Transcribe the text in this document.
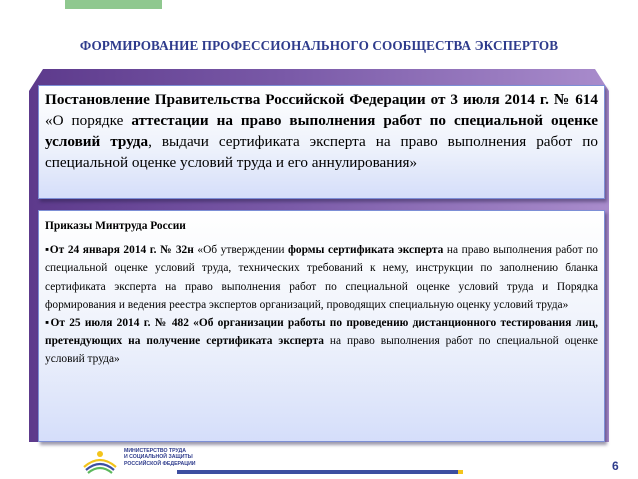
ФОРМИРОВАНИЕ ПРОФЕССИОНАЛЬНОГО СООБЩЕСТВА ЭКСПЕРТОВ
Постановление Правительства Российской Федерации от 3 июля 2014 г. № 614 «О порядке аттестации на право выполнения работ по специальной оценке условий труда, выдачи сертификата эксперта на право выполнения работ по специальной оценке условий труда и его аннулирования»
Приказы Минтруда России

▪От 24 января 2014 г. № 32н «Об утверждении формы сертификата эксперта на право выполнения работ по специальной оценке условий труда, технических требований к нему, инструкции по заполнению бланка сертификата эксперта на право выполнения работ по специальной оценке условий труда и Порядка формирования и ведения реестра экспертов организаций, проводящих специальную оценку условий труда»

▪От 25 июля 2014 г. № 482 «Об организации работы по проведению дистанционного тестирования лиц, претендующих на получение сертификата эксперта на право выполнения работ по специальной оценке условий труда»

МИНИСТЕРСТВО ТРУДА
И СОЦИАЛЬНОЙ ЗАЩИТЫ
РОССИЙСКОЙ ФЕДЕРАЦИИ	6
